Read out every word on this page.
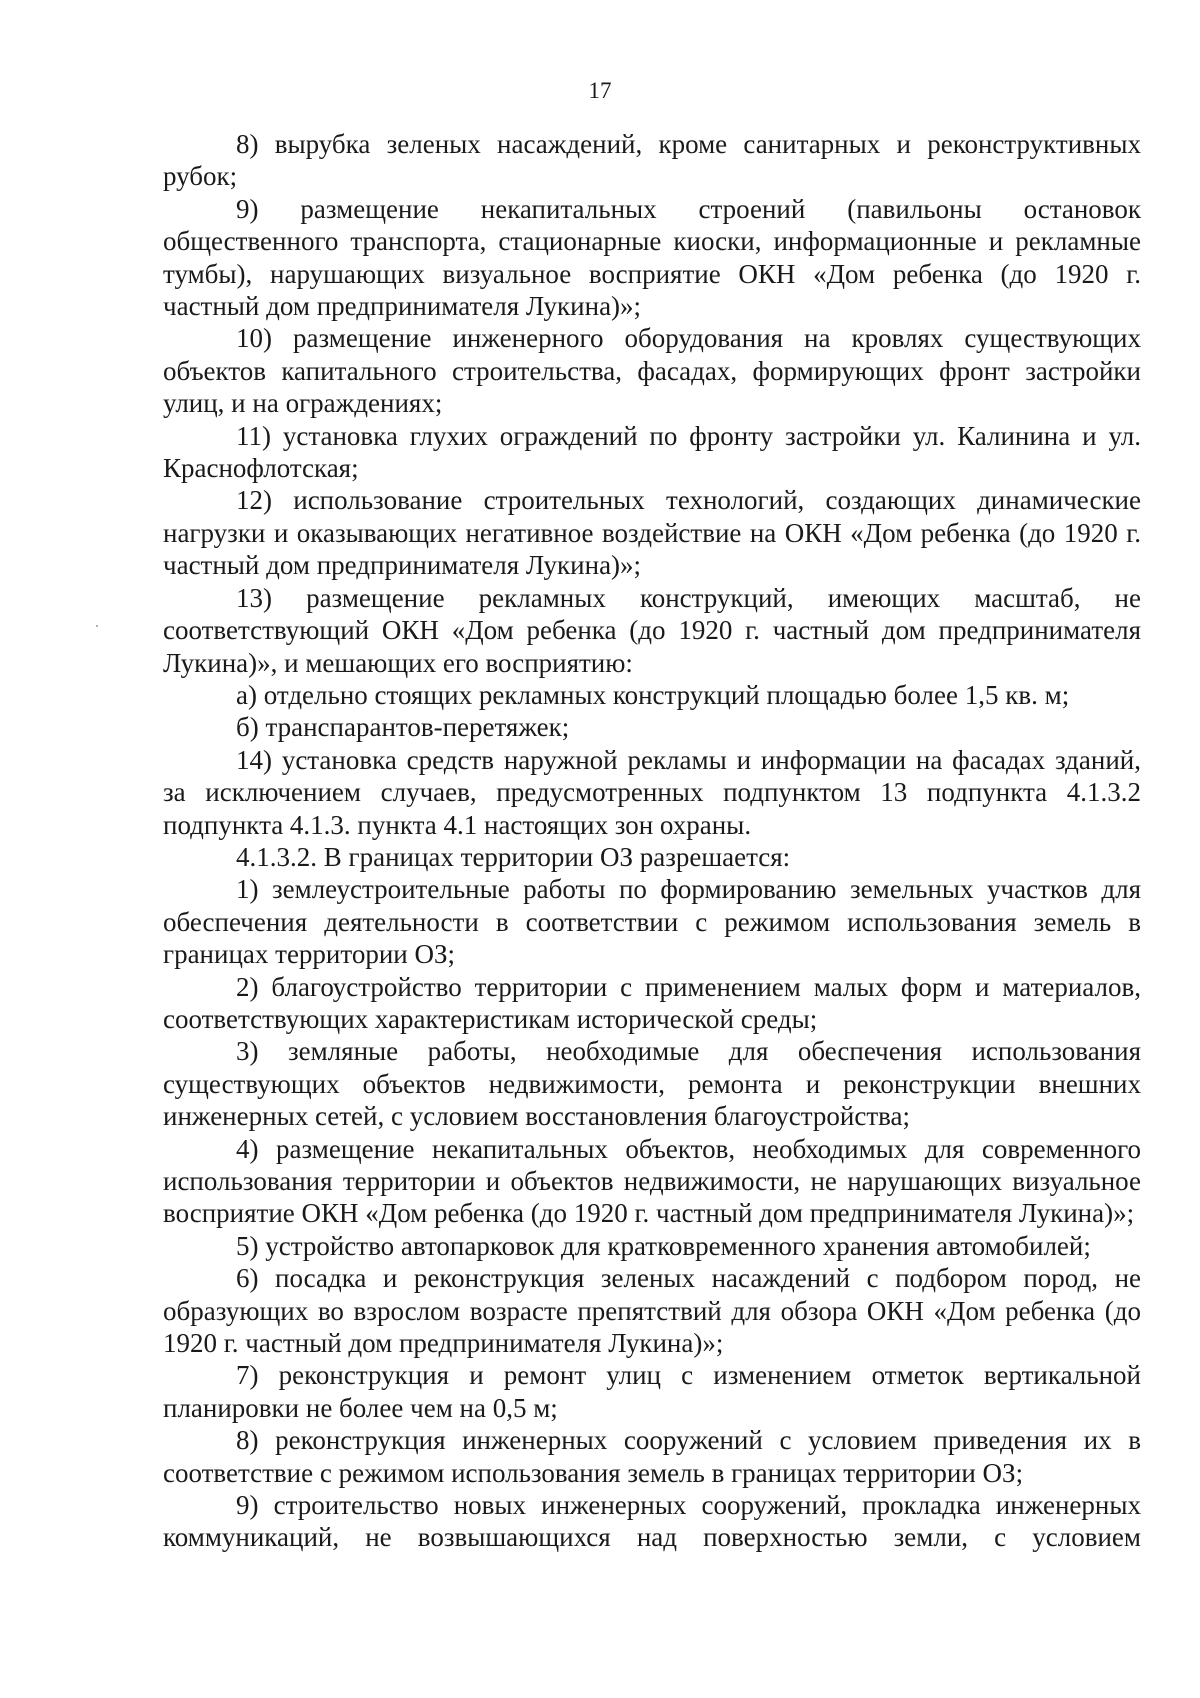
17

8) вырубка зеленых насаждений, кроме санитарных и реконструктивных рубок;

9) размещение некапитальных строений (павильоны остановок общественного транспорта, стационарные киоски, информационные и рекламные тумбы), нарушающих визуальное восприятие ОКН «Дом ребенка (до 1920 г. частный дом предпринимателя Лукина)»;

10) размещение инженерного оборудования на кровлях существующих объектов капитального строительства, фасадах, формирующих фронт застройки улиц, и на ограждениях;

11) установка глухих ограждений по фронту застройки ул. Калинина и ул. Краснофлотская;

12) использование строительных технологий, создающих динамические нагрузки и оказывающих негативное воздействие на ОКН «Дом ребенка (до 1920 г. частный дом предпринимателя Лукина)»;

13) размещение рекламных конструкций, имеющих масштаб, не соответствующий ОКН «Дом ребенка (до 1920 г. частный дом предпринимателя Лукина)», и мешающих его восприятию:

а) отдельно стоящих рекламных конструкций площадью более 1,5 кв. м;

б) транспарантов-перетяжек;

14) установка средств наружной рекламы и информации на фасадах зданий, за исключением случаев, предусмотренных подпунктом 13 подпункта 4.1.3.2 подпункта 4.1.3. пункта 4.1 настоящих зон охраны.

4.1.3.2. В границах территории ОЗ разрешается:

1) землеустроительные работы по формированию земельных участков для обеспечения деятельности в соответствии с режимом использования земель в границах территории ОЗ;

2) благоустройство территории с применением малых форм и материалов, соответствующих характеристикам исторической среды;

3) земляные работы, необходимые для обеспечения использования существующих объектов недвижимости, ремонта и реконструкции внешних инженерных сетей, с условием восстановления благоустройства;

4) размещение некапитальных объектов, необходимых для современного использования территории и объектов недвижимости, не нарушающих визуальное восприятие ОКН «Дом ребенка (до 1920 г. частный дом предпринимателя Лукина)»;

5) устройство автопарковок для кратковременного хранения автомобилей;

6) посадка и реконструкция зеленых насаждений с подбором пород, не образующих во взрослом возрасте препятствий для обзора ОКН «Дом ребенка (до 1920 г. частный дом предпринимателя Лукина)»;

7) реконструкция и ремонт улиц с изменением отметок вертикальной планировки не более чем на 0,5 м;

8) реконструкция инженерных сооружений с условием приведения их в соответствие с режимом использования земель в границах территории ОЗ;

9) строительство новых инженерных сооружений, прокладка инженерных коммуникаций, не возвышающихся над поверхностью земли, с условием
